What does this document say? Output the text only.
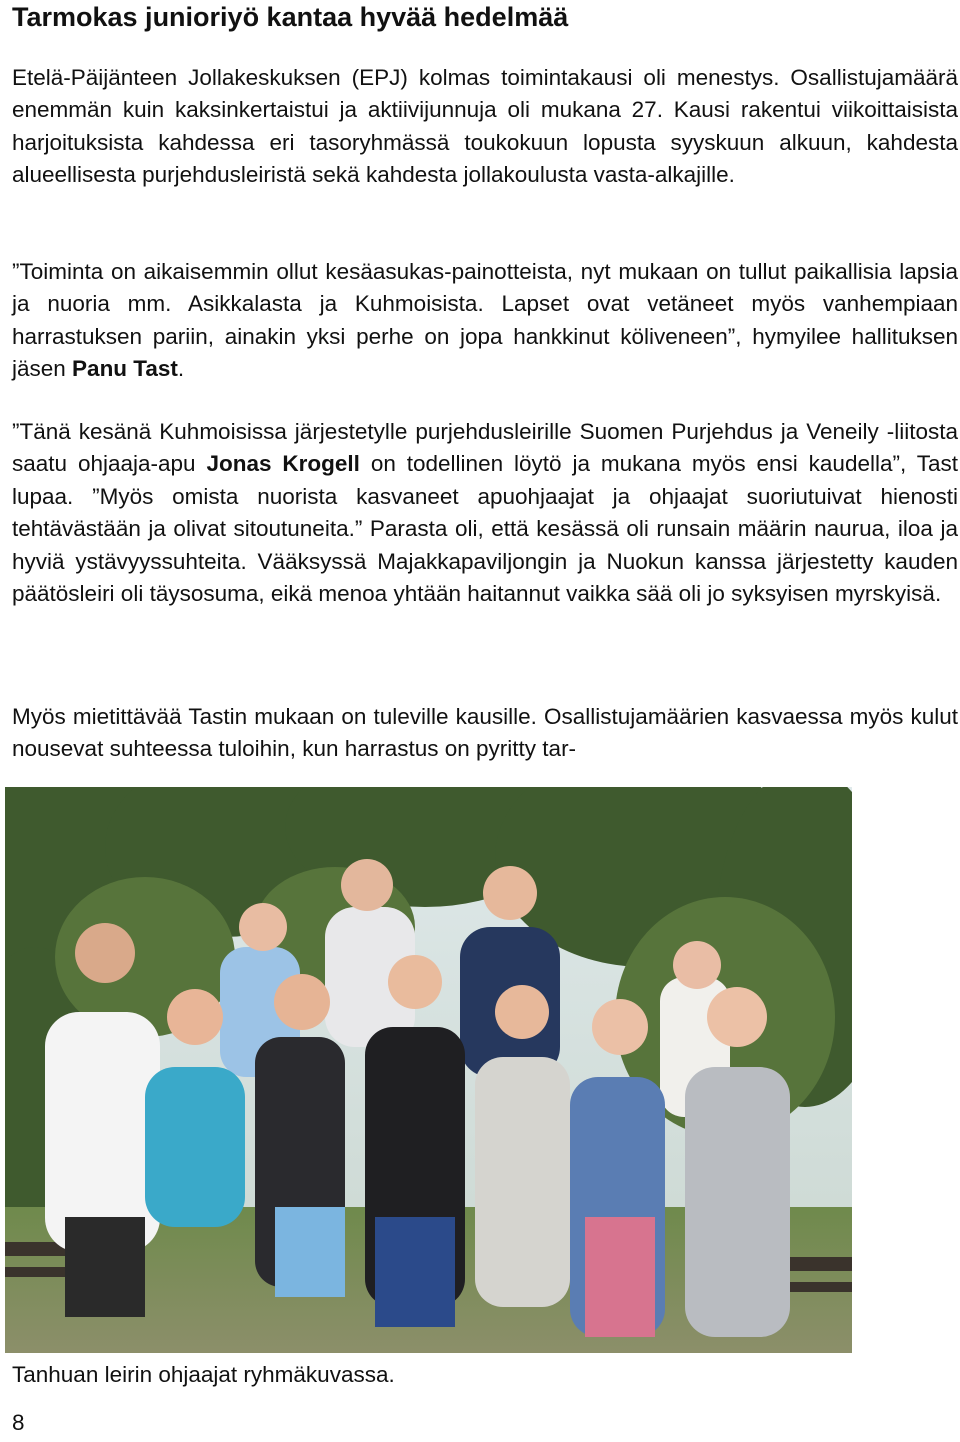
Tarmokas junioriyö kantaa hyvää hedelmää

Etelä-Päijänteen Jollakeskuksen (EPJ) kolmas toimintakausi oli menestys. Osallistujamäärä enemmän kuin kaksinkertaistui ja aktiivijunnuja oli mukana 27. Kausi rakentui viikoittaisista harjoituksista kahdessa eri tasoryhmässä toukokuun lopusta syyskuun alkuun, kahdesta alueellisesta purjehdusleiristä sekä kahdesta jollakoulusta vasta-alkajille.

”Toiminta on aikaisemmin ollut kesäasukas-painotteista, nyt mukaan on tullut paikallisia lapsia ja nuoria mm. Asikkalasta ja Kuhmoisista. Lapset ovat vetäneet myös vanhempiaan harrastuksen pariin, ainakin yksi perhe on jopa hankkinut köliveneen”, hymyilee hallituksen jäsen Panu Tast.

”Tänä kesänä Kuhmoisissa järjestetylle purjehdusleirille Suomen Purjehdus ja Veneily -liitosta saatu ohjaaja-apu Jonas Krogell on todellinen löytö ja mukana myös ensi kaudella”, Tast lupaa. ”Myös omista nuorista kasvaneet apuohjaajat ja ohjaajat suoriutuivat hienosti tehtävästään ja olivat sitoutuneita.” Parasta oli, että kesässä oli runsain määrin naurua, iloa ja hyviä ystävyyssuhteita. Vääksyssä Majakkapaviljongin ja Nuokun kanssa järjestetty kauden päätösleiri oli täysosuma, eikä menoa yhtään haitannut vaikka sää oli jo syksyisen myrskyisä.

Myös mietittävää Tastin mukaan on tuleville kausille. Osallistujamäärien kasvaessa myös kulut nousevat suhteessa tuloihin, kun harrastus on pyritty tar-

Tanhuan leirin ohjaajat ryhmäkuvassa.

8
